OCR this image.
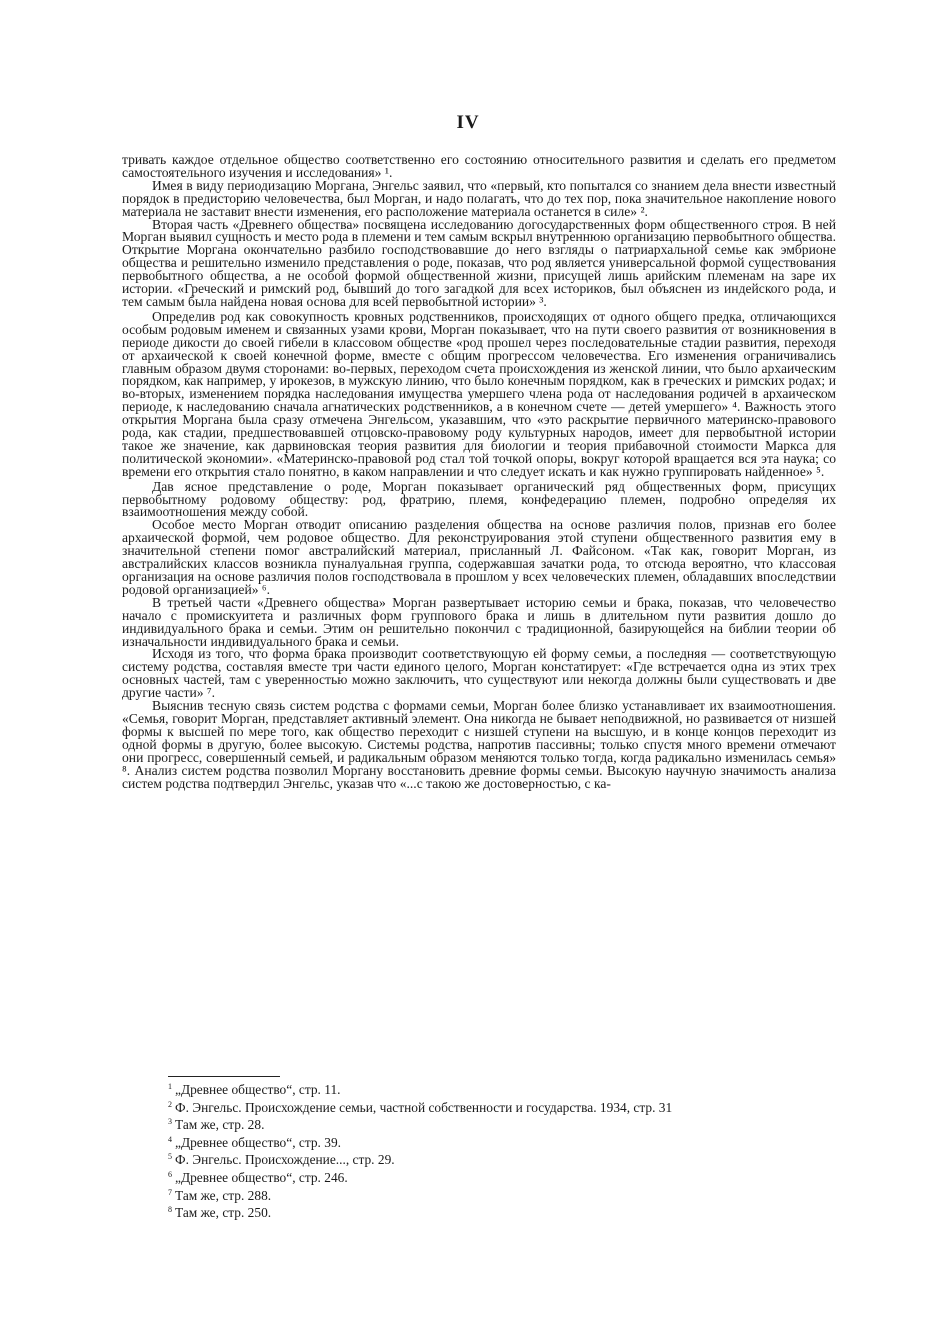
IV

тривать каждое отдельное общество соответственно его состоянию относительного развития и сделать его предметом самостоятельного изучения и исследования» ¹.

Имея в виду периодизацию Моргана, Энгельс заявил, что «первый, кто попытался со знанием дела внести известный порядок в предисторию человечества, был Морган, и надо полагать, что до тех пор, пока значительное накопление нового материала не заставит внести изменения, его расположение материала останется в силе» ².

Вторая часть «Древнего общества» посвящена исследованию догосударственных форм общественного строя. В ней Морган выявил сущность и место рода в племени и тем самым вскрыл внутреннюю организацию первобытного общества. Открытие Моргана окончательно разбило господствовавшие до него взгляды о патриархальной семье как эмбрионе общества и решительно изменило представления о роде, показав, что род является универсальной формой существования первобытного общества, а не особой формой общественной жизни, присущей лишь арийским племенам на заре их истории. «Греческий и римский род, бывший до того загадкой для всех историков, был объяснен из индейского рода, и тем самым была найдена новая основа для всей первобытной истории» ³.

Определив род как совокупность кровных родственников, происходящих от одного общего предка, отличающихся особым родовым именем и связанных узами крови, Морган показывает, что на пути своего развития от возникновения в периоде дикости до своей гибели в классовом обществе «род прошел через последовательные стадии развития, переходя от архаической к своей конечной форме, вместе с общим прогрессом человечества. Его изменения ограничивались главным образом двумя сторонами: во-первых, переходом счета происхождения из женской линии, что было архаическим порядком, как например, у ирокезов, в мужскую линию, что было конечным порядком, как в греческих и римских родах; и во-вторых, изменением порядка наследования имущества умершего члена рода от наследования родичей в архаическом периоде, к наследованию сначала агнатических родственников, а в конечном счете — детей умершего» ⁴. Важность этого открытия Моргана была сразу отмечена Энгельсом, указавшим, что «это раскрытие первичного материнско-правового рода, как стадии, предшествовавшей отцовско-правовому роду культурных народов, имеет для первобытной истории такое же значение, как дарвиновская теория развития для биологии и теория прибавочной стоимости Маркса для политической экономии». «Материнско-правовой род стал той точкой опоры, вокруг которой вращается вся эта наука; со времени его открытия стало понятно, в каком направлении и что следует искать и как нужно группировать найденное» ⁵.

Дав ясное представление о роде, Морган показывает органический ряд общественных форм, присущих первобытному родовому обществу: род, фратрию, племя, конфедерацию племен, подробно определяя их взаимоотношения между собой.

Особое место Морган отводит описанию разделения общества на основе различия полов, признав его более архаической формой, чем родовое общество. Для реконструирования этой ступени общественного развития ему в значительной степени помог австралийский материал, присланный Л. Файсоном. «Так как, говорит Морган, из австралийских классов возникла пуналуальная группа, содержавшая зачатки рода, то отсюда вероятно, что классовая организация на основе различия полов господствовала в прошлом у всех человеческих племен, обладавших впоследствии родовой организацией» ⁶.

В третьей части «Древнего общества» Морган развертывает историю семьи и брака, показав, что человечество начало с промискуитета и различных форм группового брака и лишь в длительном пути развития дошло до индивидуального брака и семьи. Этим он решительно покончил с традиционной, базирующейся на библии теории об изначальности индивидуального брака и семьи.

Исходя из того, что форма брака производит соответствующую ей форму семьи, а последняя — соответствующую систему родства, составляя вместе три части единого целого, Морган констатирует: «Где встречается одна из этих трех основных частей, там с уверенностью можно заключить, что существуют или некогда должны были существовать и две другие части» ⁷.

Выяснив тесную связь систем родства с формами семьи, Морган более близко устанавливает их взаимоотношения. «Семья, говорит Морган, представляет активный элемент. Она никогда не бывает неподвижной, но развивается от низшей формы к высшей по мере того, как общество переходит с низшей ступени на высшую, и в конце концов переходит из одной формы в другую, более высокую. Системы родства, напротив пассивны; только спустя много времени отмечают они прогресс, совершенный семьей, и радикальным образом меняются только тогда, когда радикально изменилась семья» ⁸. Анализ систем родства позволил Моргану восстановить древние формы семьи. Высокую научную значимость анализа систем родства подтвердил Энгельс, указав что «...с такою же достоверностью, с ка-

$^1$ „Древнее общество“, стр. 11.
$^2$ Ф. Энгельс. Происхождение семьи, частной собственности и государства. 1934, стр. 31
$^3$ Там же, стр. 28.
$^4$ „Древнее общество“, стр. 39.
$^5$ Ф. Энгельс. Происхождение..., стр. 29.
$^6$ „Древнее общество“, стр. 246.
$^7$ Там же, стр. 288.
$^8$ Там же, стр. 250.
